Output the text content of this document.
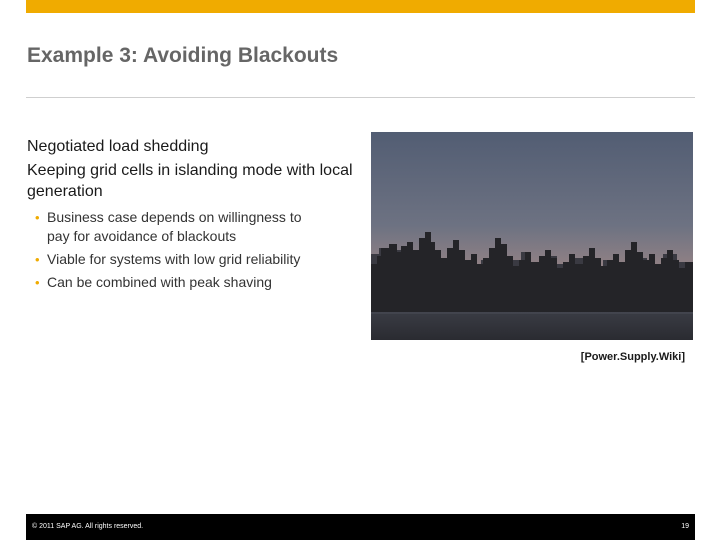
Example 3: Avoiding Blackouts
Negotiated load shedding
Keeping grid cells in islanding mode with local generation
• Business case depends on willingness to
pay for avoidance of blackouts
• Viable for systems with low grid reliability
• Can be combined with peak shaving
[Power.Supply.Wiki]
© 2011 SAP AG. All rights reserved.	19
